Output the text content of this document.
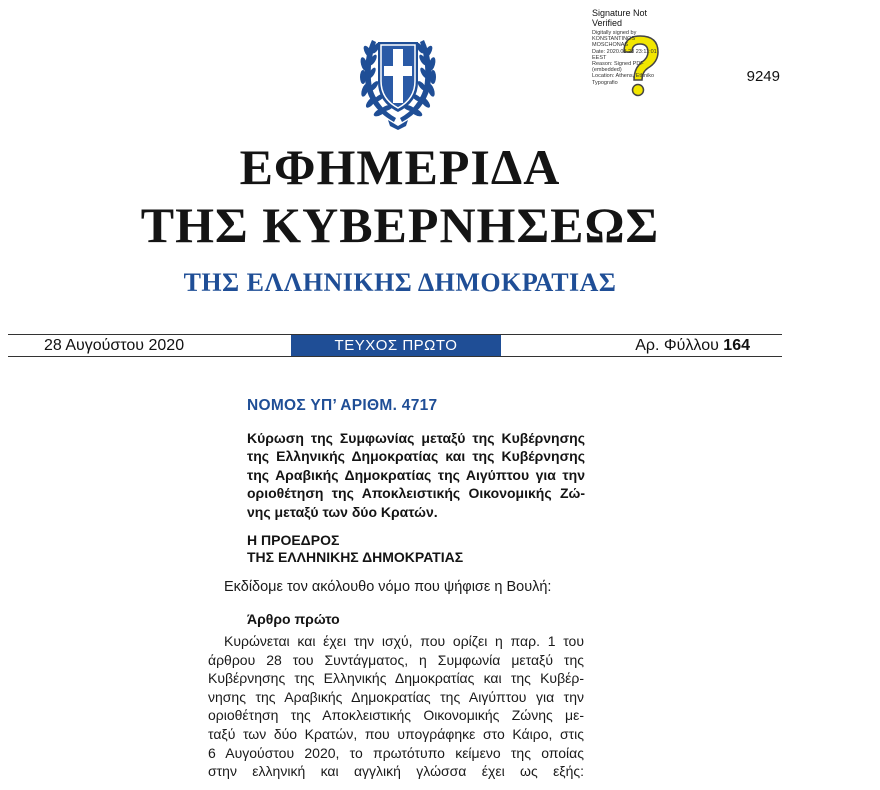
Signature Not Verified
Digitally signed by
KONSTANTINOS
MOSCHONAS
Date: 2020.08.28 23:11:01
EEST
Reason: Signed PDF
(embedded)
Location: Athens, Ethniko
Typografio	9249
ΕΦΗΜΕΡΙΔΑ
ΤΗΣ ΚΥΒΕΡΝΗΣΕΩΣ
ΤΗΣ ΕΛΛΗΝΙΚΗΣ ΔΗΜΟΚΡΑΤΙΑΣ
28 Αυγούστου 2020	ΤΕΥΧΟΣ ΠΡΩΤΟ	Αρ. Φύλλου 164
ΝΟΜΟΣ ΥΠ’ ΑΡΙΘΜ. 4717
Κύρωση της Συμφωνίας μεταξύ της Κυβέρνησης
της Ελληνικής Δημοκρατίας και της Κυβέρνησης
της Αραβικής Δημοκρατίας της Αιγύπτου για την
οριοθέτηση της Αποκλειστικής Οικονομικής Ζώ-
νης μεταξύ των δύο Κρατών.
Η ΠΡΟΕΔΡΟΣ
ΤΗΣ ΕΛΛΗΝΙΚΗΣ ΔΗΜΟΚΡΑΤΙΑΣ
Εκδίδομε τον ακόλουθο νόμο που ψήφισε η Βουλή:
Άρθρο πρώτο
Κυρώνεται και έχει την ισχύ, που ορίζει η παρ. 1 του
άρθρου 28 του Συντάγματος, η Συμφωνία μεταξύ της
Κυβέρνησης της Ελληνικής Δημοκρατίας και της Κυβέρ-
νησης της Αραβικής Δημοκρατίας της Αιγύπτου για την
οριοθέτηση της Αποκλειστικής Οικονομικής Ζώνης με-
ταξύ των δύο Κρατών, που υπογράφηκε στο Κάιρο, στις
6 Αυγούστου 2020, το πρωτότυπο κείμενο της οποίας
στην ελληνική και αγγλική γλώσσα έχει ως εξής:
